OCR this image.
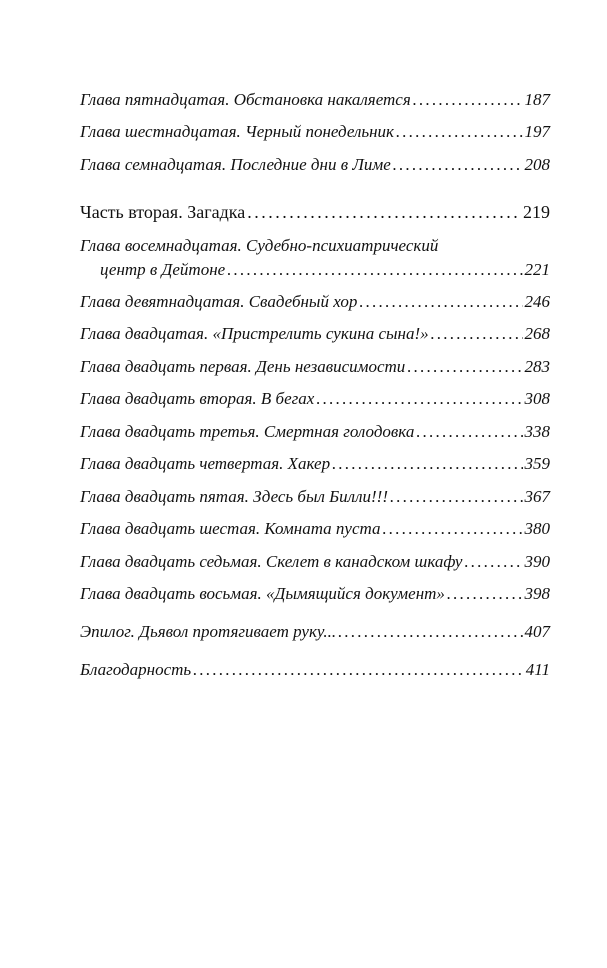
Глава пятнадцатая. Обстановка накаляется . . .	187
Глава шестнадцатая. Черный понедельник . . .	197
Глава семнадцатая. Последние дни в Лиме . . .	208
Часть вторая. Загадка . . .	219
Глава восемнадцатая. Судебно-психиатрический
центр в Дейтоне . . .	221
Глава девятнадцатая. Свадебный хор . . .	246
Глава двадцатая. «Пристрелить сукина сына!» . . .	268
Глава двадцать первая. День независимости . . .	283
Глава двадцать вторая. В бегах . . .	308
Глава двадцать третья. Смертная голодовка . . .	338
Глава двадцать четвертая. Хакер . . .	359
Глава двадцать пятая. Здесь был Билли!!! . . .	367
Глава двадцать шестая. Комната пуста . . .	380
Глава двадцать седьмая. Скелет в канадском шкафу . . .	390
Глава двадцать восьмая. «Дымящийся документ» . . .	398
Эпилог. Дьявол протягивает руку... . . .	407
Благодарность . . .	411
